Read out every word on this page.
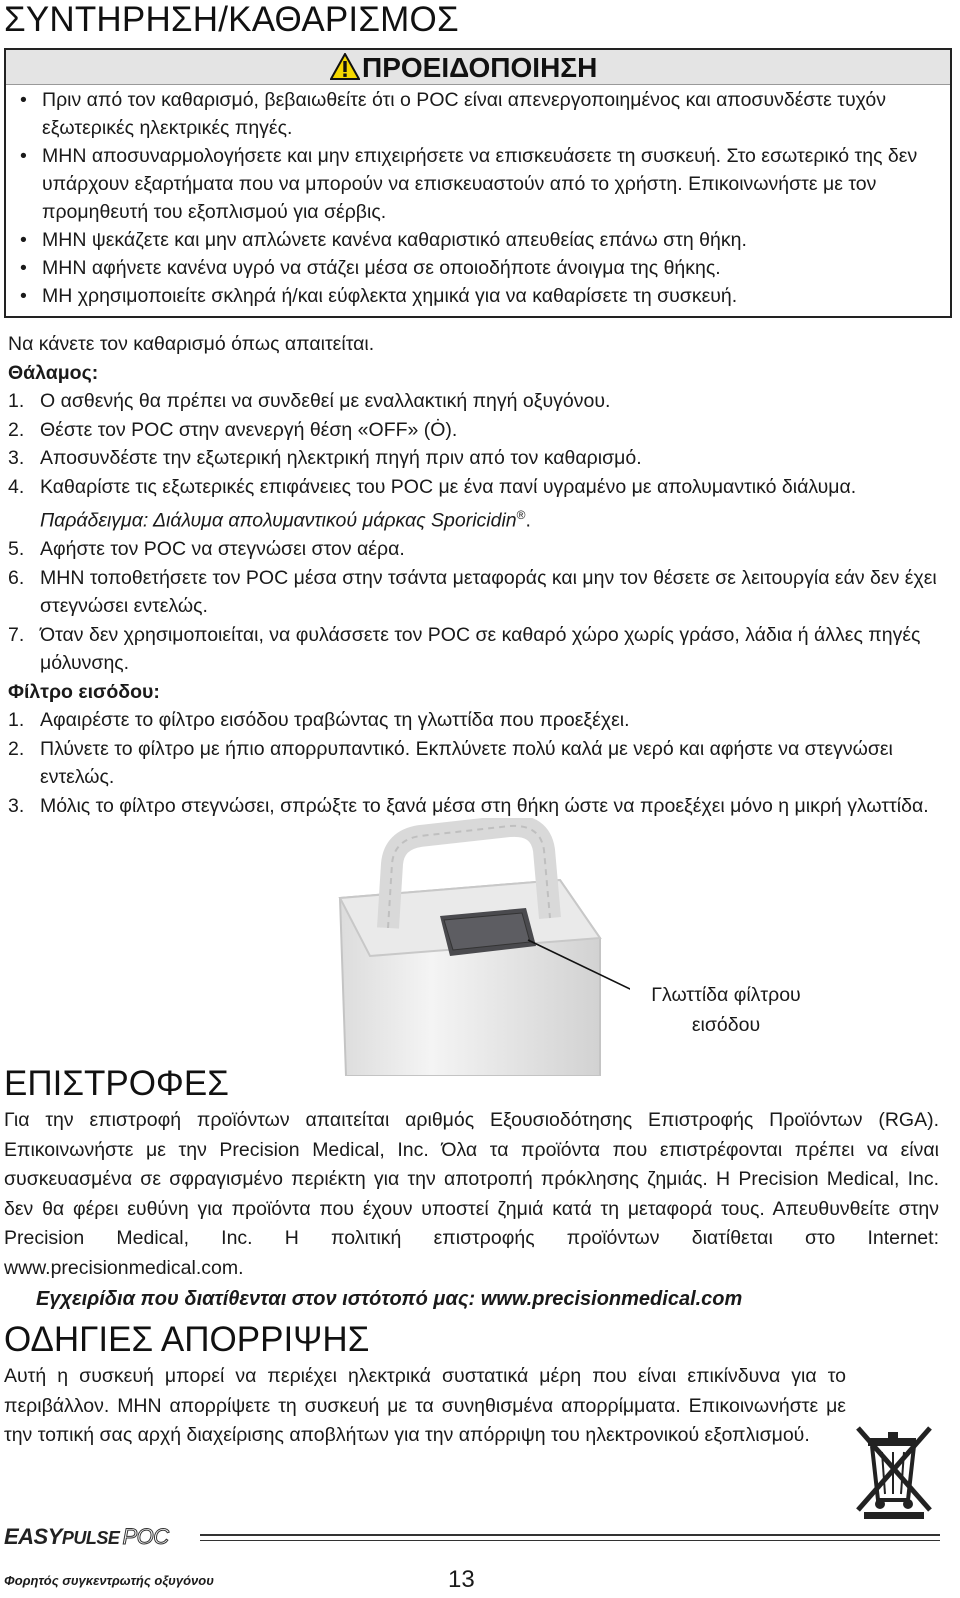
ΣΥΝΤΗΡΗΣΗ/ΚΑΘΑΡΙΣΜΟΣ
ΠΡΟΕΙΔΟΠΟΙΗΣΗ
• Πριν από τον καθαρισμό, βεβαιωθείτε ότι ο POC είναι απενεργοποιημένος και αποσυνδέστε τυχόν εξωτερικές ηλεκτρικές πηγές.
• ΜΗΝ αποσυναρμολογήσετε και μην επιχειρήσετε να επισκευάσετε τη συσκευή. Στο εσωτερικό της δεν υπάρχουν εξαρτήματα που να μπορούν να επισκευαστούν από το χρήστη. Επικοινωνήστε με τον προμηθευτή του εξοπλισμού για σέρβις.
• ΜΗΝ ψεκάζετε και μην απλώνετε κανένα καθαριστικό απευθείας επάνω στη θήκη.
• ΜΗΝ αφήνετε κανένα υγρό να στάζει μέσα σε οποιοδήποτε άνοιγμα της θήκης.
• ΜΗ χρησιμοποιείτε σκληρά ή/και εύφλεκτα χημικά για να καθαρίσετε τη συσκευή.

Να κάνετε τον καθαρισμό όπως απαιτείται.

Θάλαμος:

1. Ο ασθενής θα πρέπει να συνδεθεί με εναλλακτική πηγή οξυγόνου.
2. Θέστε τον POC στην ανενεργή θέση «OFF» (Ȯ).
3. Αποσυνδέστε την εξωτερική ηλεκτρική πηγή πριν από τον καθαρισμό.
4. Καθαρίστε τις εξωτερικές επιφάνειες του POC με ένα πανί υγραμένο με απολυμαντικό διάλυμα. Παράδειγμα: Διάλυμα απολυμαντικού μάρκας Sporicidin®.
5. Αφήστε τον POC να στεγνώσει στον αέρα.
6. ΜΗΝ τοποθετήσετε τον POC μέσα στην τσάντα μεταφοράς και μην τον θέσετε σε λειτουργία εάν δεν έχει στεγνώσει εντελώς.
7. Όταν δεν χρησιμοποιείται, να φυλάσσετε τον POC σε καθαρό χώρο χωρίς γράσο, λάδια ή άλλες πηγές μόλυνσης.

Φίλτρο εισόδου:

1. Αφαιρέστε το φίλτρο εισόδου τραβώντας τη γλωττίδα που προεξέχει.
2. Πλύνετε το φίλτρο με ήπιο απορρυπαντικό. Εκπλύνετε πολύ καλά με νερό και αφήστε να στεγνώσει εντελώς.
3. Μόλις το φίλτρο στεγνώσει, σπρώξτε το ξανά μέσα στη θήκη ώστε να προεξέχει μόνο η μικρή γλωττίδα.
Γλωττίδα φίλτρου
εισόδου
ΕΠΙΣΤΡΟΦΕΣ

Για την επιστροφή προϊόντων απαιτείται αριθμός Εξουσιοδότησης Επιστροφής Προϊόντων (RGA). Επικοινωνήστε με την Precision Medical, Inc. Όλα τα προϊόντα που επιστρέφονται πρέπει να είναι συσκευασμένα σε σφραγισμένο περιέκτη για την αποτροπή πρόκλησης ζημιάς. Η Precision Medical, Inc. δεν θα φέρει ευθύνη για προϊόντα που έχουν υποστεί ζημιά κατά τη μεταφορά τους. Απευθυνθείτε στην Precision Medical, Inc. Η πολιτική επιστροφής προϊόντων διατίθεται στο Internet: www.precisionmedical.com.

Εγχειρίδια που διατίθενται στον ιστότοπό μας: www.precisionmedical.com

ΟΔΗΓΙΕΣ ΑΠΟΡΡΙΨΗΣ

Αυτή η συσκευή μπορεί να περιέχει ηλεκτρικά συστατικά μέρη που είναι επικίνδυνα για το περιβάλλον. ΜΗΝ απορρίψετε τη συσκευή με τα συνηθισμένα απορρίμματα. Επικοινωνήστε με την τοπική σας αρχή διαχείρισης αποβλήτων για την απόρριψη του ηλεκτρονικού εξοπλισμού.

EASYPULSE POC
Φορητός συγκεντρωτής οξυγόνου	13
